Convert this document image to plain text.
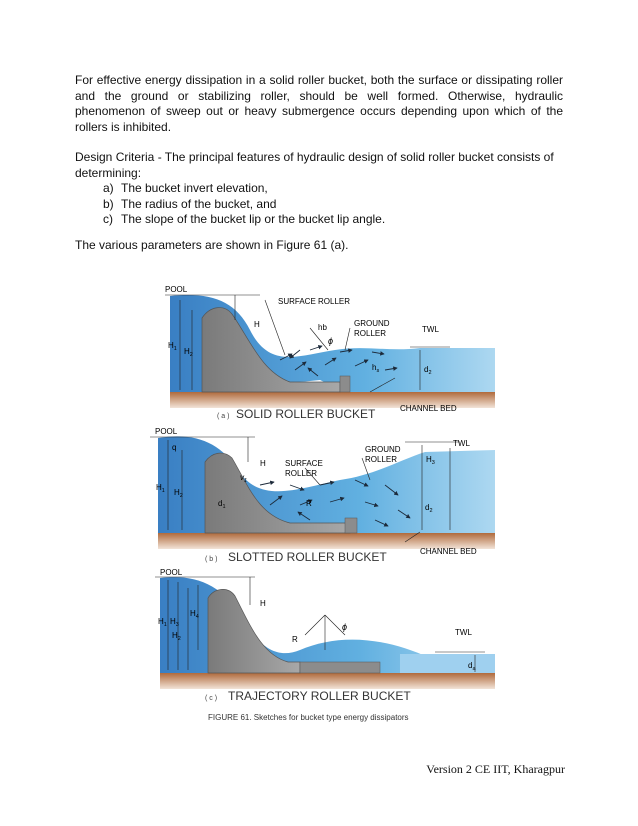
For effective energy dissipation in a solid roller bucket, both the surface or dissipating roller and the ground or stabilizing roller, should be well formed. Otherwise, hydraulic phenomenon of sweep out or heavy submergence occurs depending upon which of the rollers is inhibited.
Design Criteria - The principal features of hydraulic design of solid roller bucket consists of determining:
a) The bucket invert elevation,
b) The radius of the bucket, and
c) The slope of the bucket lip or the bucket lip angle.
The various parameters are shown in Figure 61 (a).
POOL
SURFACE ROLLER
H	hb
ϕ
GROUND
ROLLER	TWL
$H_1$ $H_2$
$h_s$	$d_2$
CHANNEL BED
( a ) SOLID ROLLER BUCKET
POOL
q
H SURFACE
ROLLER
GROUND
ROLLER
TWL
$H_3$
$H_1$ $H_2$
$v_1$
$d_1$	R	$d_2$
CHANNEL BED
( b ) SLOTTED ROLLER BUCKET
POOL
H
$H_4$
$H_1$ $H_3$
$H_2$	R
ϕ
TWL
$d_a$
( c ) TRAJECTORY ROLLER BUCKET
FIGURE 61. Sketches for bucket type energy dissipators
Version 2 CE IIT, Kharagpur
